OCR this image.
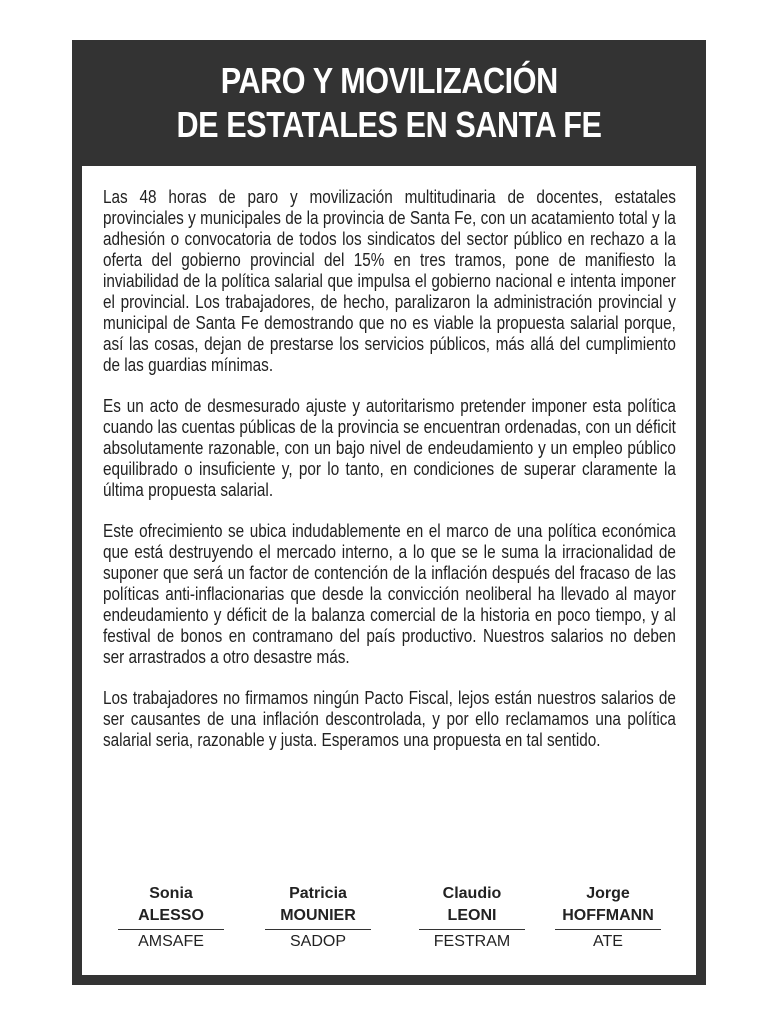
PARO Y MOVILIZACIÓN
DE ESTATALES EN SANTA FE

Las 48 horas de paro y movilización multitudinaria de docentes, estatales provinciales y municipales de la provincia de Santa Fe, con un acatamiento total y la adhesión o convocatoria de todos los sindicatos del sector público en rechazo a la oferta del gobierno provincial del 15% en tres tramos, pone de manifiesto la inviabilidad de la política salarial que impulsa el gobierno nacional e intenta imponer el provincial. Los trabajadores, de hecho, paralizaron la administración provincial y municipal de Santa Fe demostrando que no es viable la propuesta salarial porque, así las cosas, dejan de prestarse los servicios públicos, más allá del cumplimiento de las guardias mínimas.

Es un acto de desmesurado ajuste y autoritarismo pretender imponer esta política cuando las cuentas públicas de la provincia se encuentran ordenadas, con un déficit absolutamente razonable, con un bajo nivel de endeudamiento y un empleo público equilibrado o insuficiente y, por lo tanto, en condiciones de superar claramente la última propuesta salarial.

Este ofrecimiento se ubica indudablemente en el marco de una política económica que está destruyendo el mercado interno, a lo que se le suma la irracionalidad de suponer que será un factor de contención de la inflación después del fracaso de las políticas anti-inflacionarias que desde la convicción neoliberal ha llevado al mayor endeudamiento y déficit de la balanza comercial de la historia en poco tiempo, y al festival de bonos en contramano del país productivo. Nuestros salarios no deben ser arrastrados a otro desastre más.

Los trabajadores no firmamos ningún Pacto Fiscal, lejos están nuestros salarios de ser causantes de una inflación descontrolada, y por ello reclamamos una política salarial seria, razonable y justa. Esperamos una propuesta en tal sentido.

Sonia
ALESSO
AMSAFE
Patricia
MOUNIER
SADOP
Claudio
LEONI
FESTRAM
Jorge
HOFFMANN
ATE
